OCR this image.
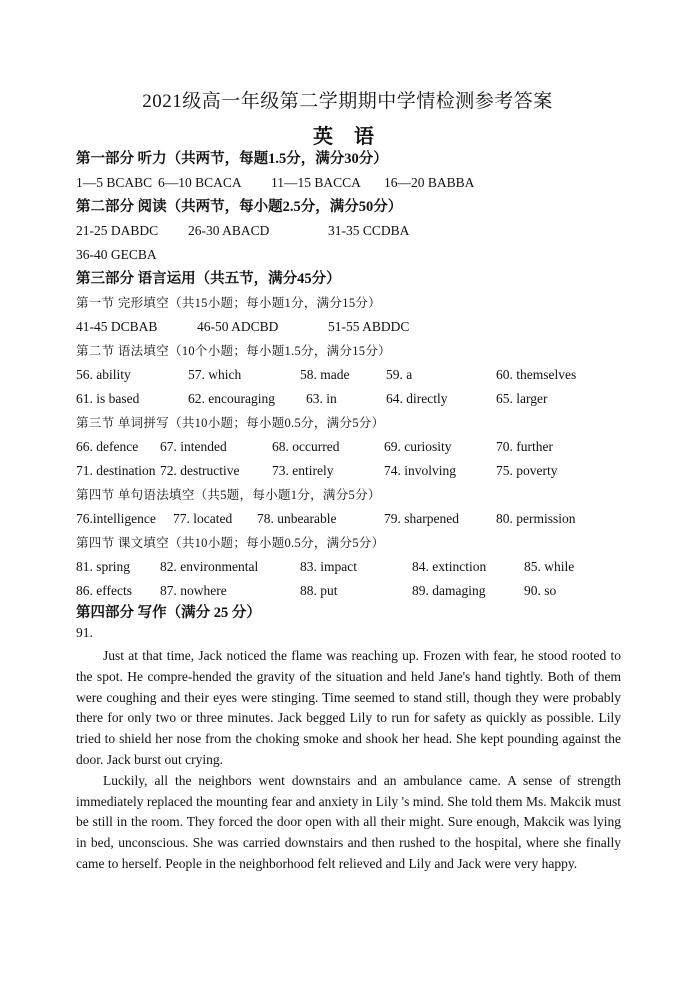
2021级高一年级第二学期期中学情检测参考答案
英 语
第一部分 听力（共两节，每题1.5分，满分30分）
1—5 BCABC 6—10 BCACA 11—15 BACCA 16—20 BABBA
第二部分 阅读（共两节，每小题2.5分，满分50分）
21-25 DABDC 26-30 ABACD	31-35 CCDBA
36-40 GECBA
第三部分 语言运用（共五节，满分45分）
第一节 完形填空（共15小题；每小题1分，满分15分）
41-45 DCBAB	46-50 ADCBD	51-55 ABDDC
第二节 语法填空（10个小题；每小题1.5分，满分15分）
56. ability	57. which	58. made	59. a	60. themselves
61. is based	62. encouraging 63. in	64. directly	65. larger
第三节 单词拼写（共10小题；每小题0.5分，满分5分）
66. defence 67. intended	68. occurred	69. curiosity	70. further
71. destination 72. destructive 73. entirely	74. involving	75. poverty
第四节 单句语法填空（共5题，每小题1分，满分5分）
76.intelligence 77. located 78. unbearable	79. sharpened	80. permission
第四节 课文填空（共10小题；每小题0.5分，满分5分）
81. spring 82. environmental	83. impact	84. extinction	85. while
86. effects 87. nowhere	88. put	89. damaging	90. so
第四部分 写作（满分 25 分）
91.

Just at that time, Jack noticed the flame was reaching up. Frozen with fear, he stood rooted to the spot. He compre-hended the gravity of the situation and held Jane's hand tightly. Both of them were coughing and their eyes were stinging. Time seemed to stand still, though they were probably there for only two or three minutes. Jack begged Lily to run for safety as quickly as possible. Lily tried to shield her nose from the choking smoke and shook her head. She kept pounding against the door. Jack burst out crying.

Luckily, all the neighbors went downstairs and an ambulance came. A sense of strength immediately replaced the mounting fear and anxiety in Lily 's mind. She told them Ms. Makcik must be still in the room. They forced the door open with all their might. Sure enough, Makcik was lying in bed, unconscious. She was carried downstairs and then rushed to the hospital, where she finally came to herself. People in the neighborhood felt relieved and Lily and Jack were very happy.
